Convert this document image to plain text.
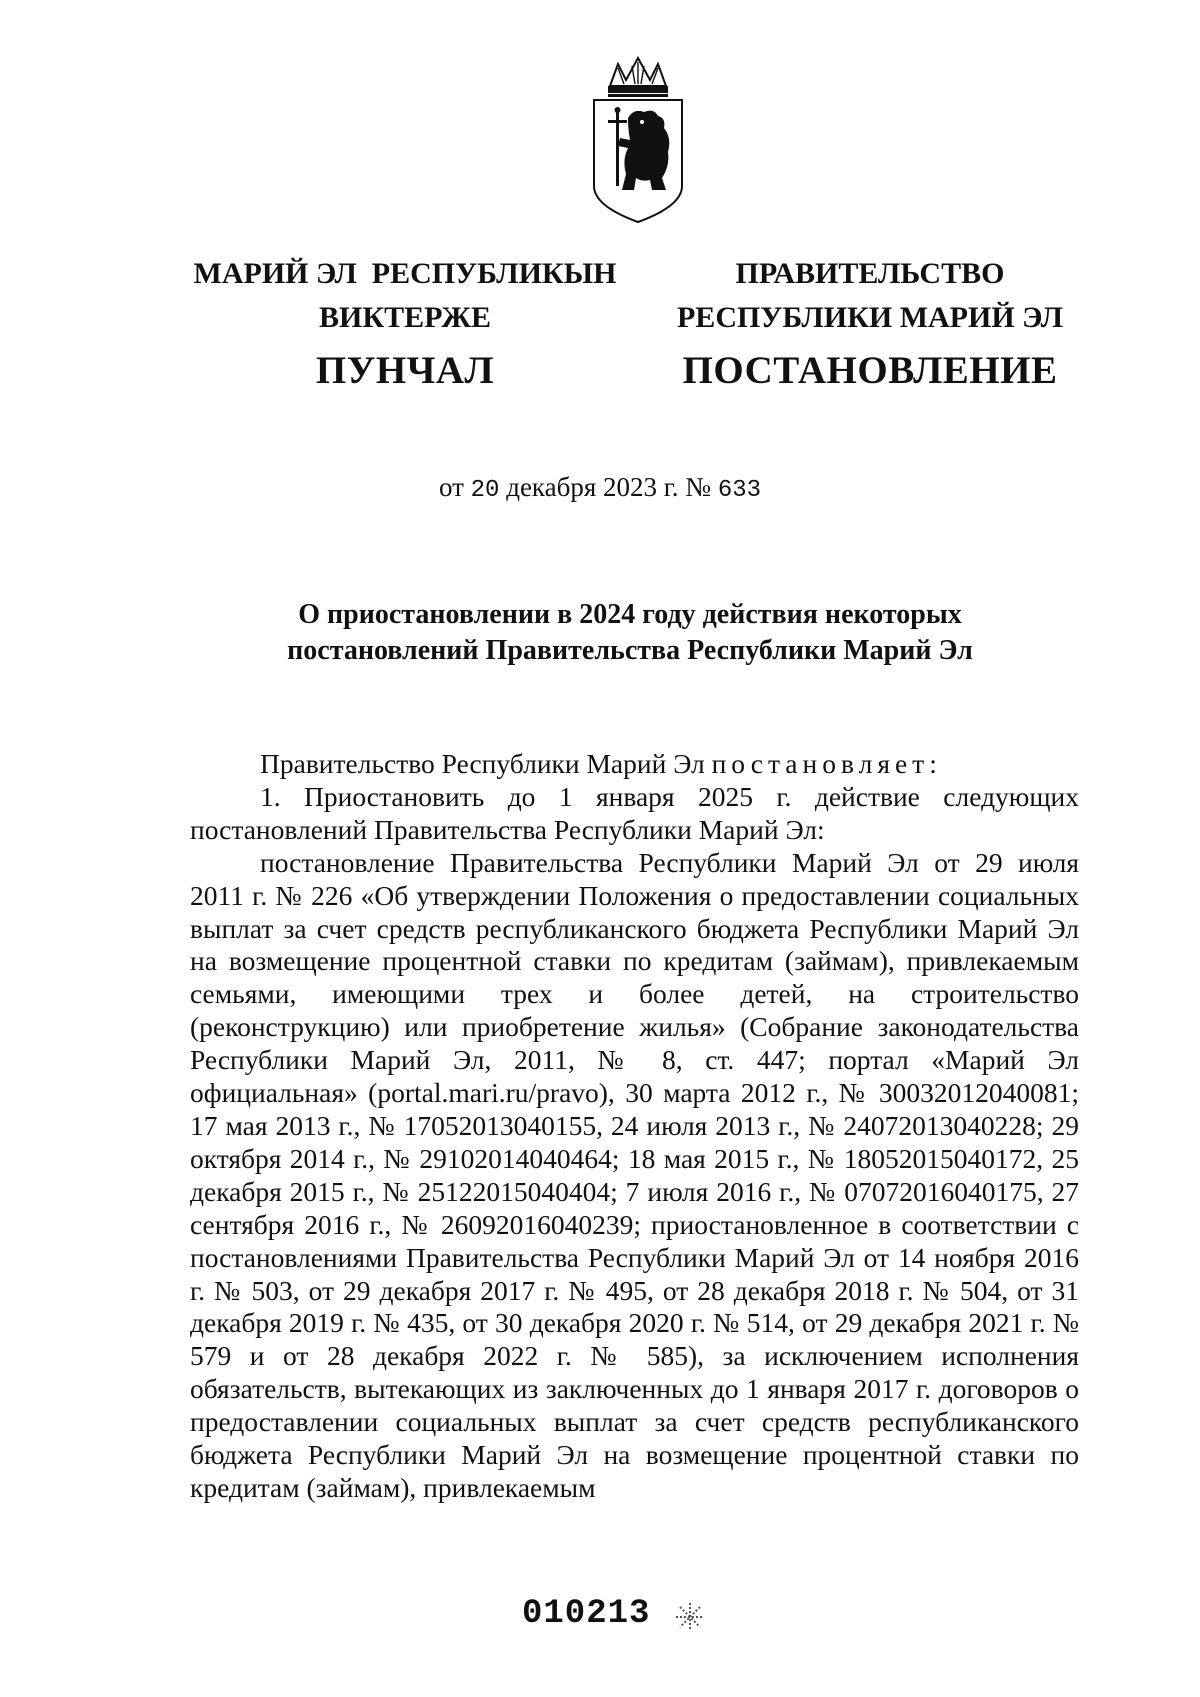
МАРИЙ ЭЛ  РЕСПУБЛИКЫН
ВИКТЕРЖЕ
ПУНЧАЛ
ПРАВИТЕЛЬСТВО
РЕСПУБЛИКИ МАРИЙ ЭЛ
ПОСТАНОВЛЕНИЕ
от 20 декабря 2023 г. № 633
О приостановлении в 2024 году действия некоторых
постановлений Правительства Республики Марий Эл

Правительство Республики Марий Эл постановляет:

1. Приостановить до 1 января 2025 г. действие следующих постановлений Правительства Республики Марий Эл:

постановление Правительства Республики Марий Эл от 29 июля 2011 г. № 226 «Об утверждении Положения о предоставлении социальных выплат за счет средств республиканского бюджета Республики Марий Эл на возмещение процентной ставки по кредитам (займам), привлекаемым семьями, имеющими трех и более детей, на строительство (реконструкцию) или приобретение жилья» (Собрание законодательства Республики Марий Эл, 2011, № 8, ст. 447; портал «Марий Эл официальная» (portal.mari.ru/pravo), 30 марта 2012 г., № 30032012040081; 17 мая 2013 г., № 17052013040155, 24 июля 2013 г., № 24072013040228; 29 октября 2014 г., № 29102014040464; 18 мая 2015 г., № 18052015040172, 25 декабря 2015 г., № 25122015040404; 7 июля 2016 г., № 07072016040175, 27 сентября 2016 г., № 26092016040239; приостановленное в соответствии с постановлениями Правительства Республики Марий Эл от 14 ноября 2016 г. № 503, от 29 декабря 2017 г. № 495, от 28 декабря 2018 г. № 504, от 31 декабря 2019 г. № 435, от 30 декабря 2020 г. № 514, от 29 декабря 2021 г. № 579 и от 28 декабря 2022 г. № 585), за исключением исполнения обязательств, вытекающих из заключенных до 1 января 2017 г. договоров о предоставлении социальных выплат за счет средств республиканского бюджета Республики Марий Эл на возмещение процентной ставки по кредитам (займам), привлекаемым

010213
